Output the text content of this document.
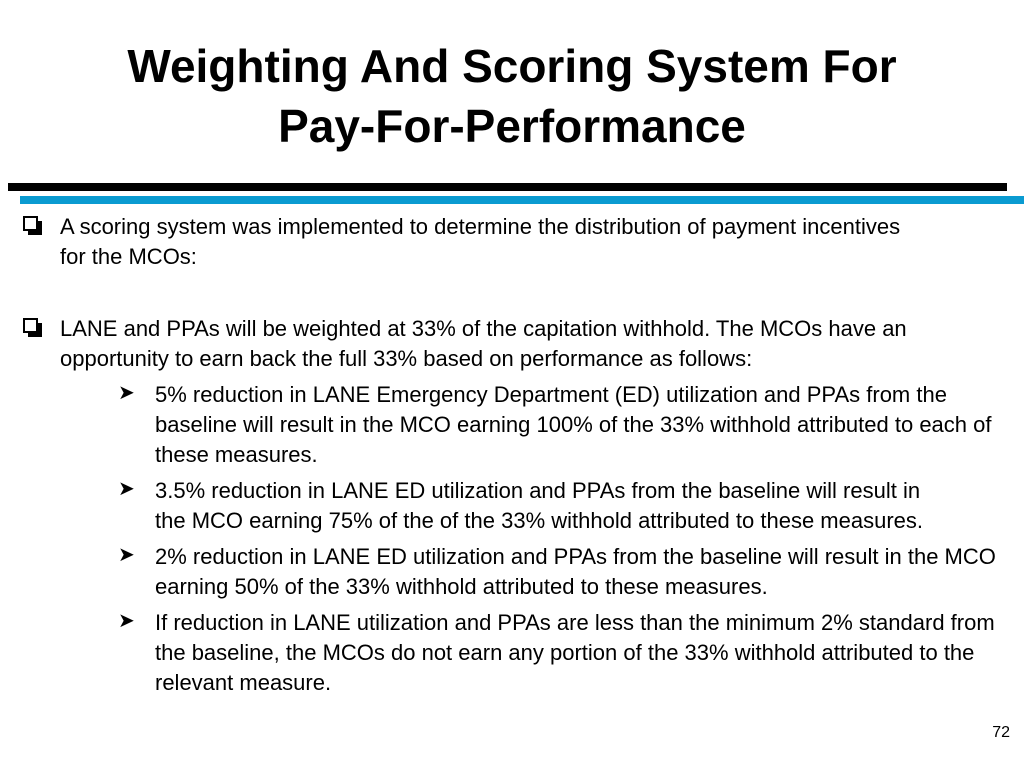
Weighting And Scoring System For
Pay-For-Performance
A scoring system was implemented to determine the distribution of payment incentives for the MCOs:
LANE and PPAs will be weighted at 33% of the capitation withhold. The MCOs have an opportunity to earn back the full 33% based on performance as follows:
➤ 5% reduction in LANE Emergency Department (ED) utilization and PPAs from the baseline will result in the MCO earning 100% of the 33% withhold attributed to each of these measures.
➤ 3.5% reduction in LANE ED utilization and PPAs from the baseline will result in the MCO earning 75% of the of the 33% withhold attributed to these measures.
➤ 2% reduction in LANE ED utilization and PPAs from the baseline will result in the MCO earning 50% of the 33% withhold attributed to these measures.
➤ If reduction in LANE utilization and PPAs are less than the minimum 2% standard from the baseline, the MCOs do not earn any portion of the 33% withhold attributed to the relevant measure.
72
